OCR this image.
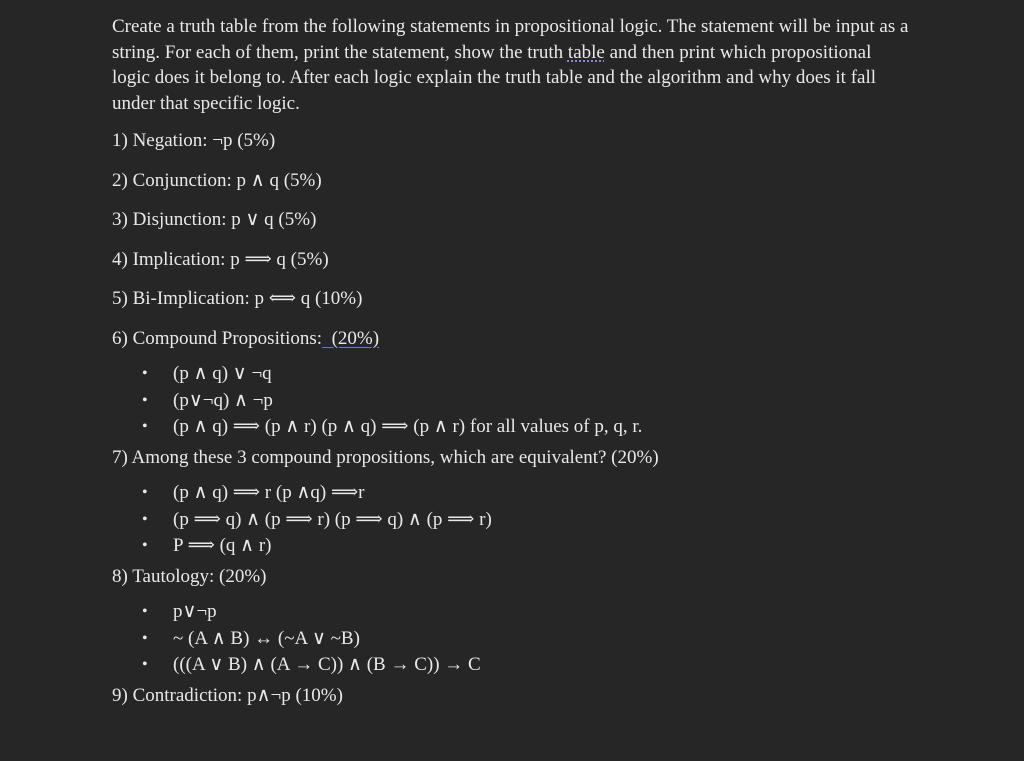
Create a truth table from the following statements in propositional logic. The statement will be input as a string. For each of them, print the statement, show the truth table and then print which propositional logic does it belong to. After each logic explain the truth table and the algorithm and why does it fall under that specific logic.

1) Negation: ¬p (5%)
2) Conjunction: p ∧ q (5%)
3) Disjunction: p ∨ q (5%)
4) Implication: p ⟹ q (5%)
5) Bi-Implication: p ⟺ q (10%)
6) Compound Propositions: (20%)
• (p ∧ q) ∨ ¬q
• (p∨¬q) ∧ ¬p
• (p ∧ q) ⟹ (p ∧ r) (p ∧ q) ⟹ (p ∧ r) for all values of p, q, r.
7) Among these 3 compound propositions, which are equivalent? (20%)
• (p ∧ q) ⟹ r (p ∧q) ⟹r
• (p ⟹ q) ∧ (p ⟹ r) (p ⟹ q) ∧ (p ⟹ r)
• P ⟹ (q ∧ r)
8) Tautology: (20%)
• p∨¬p
• ~ (A ∧ B) ↔ (~A ∨ ~B)
• (((A ∨ B) ∧ (A → C)) ∧ (B → C)) → C
9) Contradiction: p∧¬p (10%)
